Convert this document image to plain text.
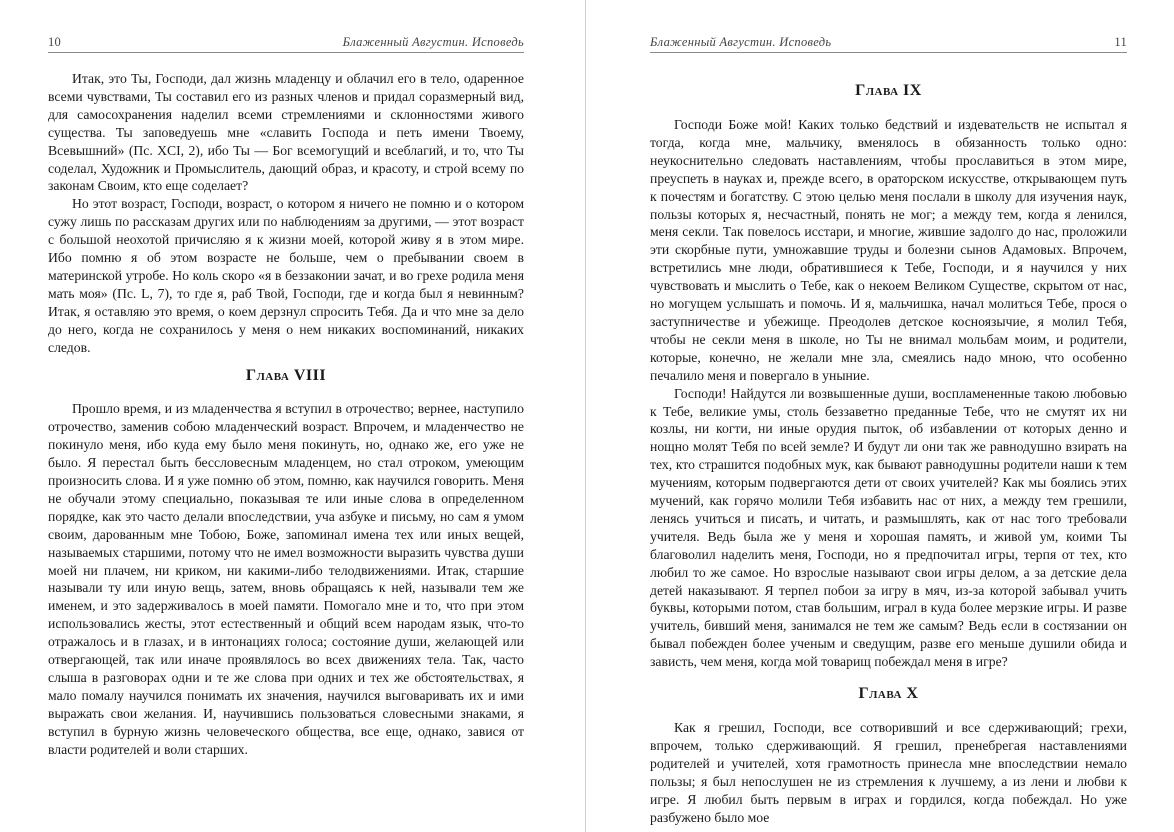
10	Блаженный Августин. Исповедь

Итак, это Ты, Господи, дал жизнь младенцу и облачил его в тело, одаренное всеми чувствами, Ты составил его из разных членов и придал соразмерный вид, для самосохранения наделил всеми стремлениями и склонностями живого существа. Ты заповедуешь мне «славить Господа и петь имени Твоему, Всевышний» (Пс. XCI, 2), ибо Ты — Бог всемогущий и всеблагий, и то, что Ты соделал, Художник и Промыслитель, дающий образ, и красоту, и строй всему по законам Своим, кто еще соделает?

Но этот возраст, Господи, возраст, о котором я ничего не помню и о котором сужу лишь по рассказам других или по наблюдениям за другими, — этот возраст с большой неохотой причисляю я к жизни моей, которой живу я в этом мире. Ибо помню я об этом возрасте не больше, чем о пребывании своем в материнской утробе. Но коль скоро «я в беззаконии зачат, и во грехе родила меня мать моя» (Пс. L, 7), то где я, раб Твой, Господи, где и когда был я невинным? Итак, я оставляю это время, о коем дерзнул спросить Тебя. Да и что мне за дело до него, когда не сохранилось у меня о нем никаких воспоминаний, никаких следов.

Глава VIII

Прошло время, и из младенчества я вступил в отрочество; вернее, наступило отрочество, заменив собою младенческий возраст. Впрочем, и младенчество не покинуло меня, ибо куда ему было меня покинуть, но, однако же, его уже не было. Я перестал быть бессловесным младенцем, но стал отроком, умеющим произносить слова. И я уже помню об этом, помню, как научился говорить. Меня не обучали этому специально, показывая те или иные слова в определенном порядке, как это часто делали впоследствии, уча азбуке и письму, но сам я умом своим, дарованным мне Тобою, Боже, запоминал имена тех или иных вещей, называемых старшими, потому что не имел возможности выразить чувства души моей ни плачем, ни криком, ни какими-либо телодвижениями. Итак, старшие называли ту или иную вещь, затем, вновь обращаясь к ней, называли тем же именем, и это задерживалось в моей памяти. Помогало мне и то, что при этом использовались жесты, этот естественный и общий всем народам язык, что-то отражалось и в глазах, и в интонациях голоса; состояние души, желающей или отвергающей, так или иначе проявлялось во всех движениях тела. Так, часто слыша в разговорах одни и те же слова при одних и тех же обстоятельствах, я мало помалу научился понимать их значения, научился выговаривать их и ими выражать свои желания. И, научившись пользоваться словесными знаками, я вступил в бурную жизнь человеческого общества, все еще, однако, завися от власти родителей и воли старших.

Блаженный Августин. Исповедь	11
Глава IX

Господи Боже мой! Каких только бедствий и издевательств не испытал я тогда, когда мне, мальчику, вменялось в обязанность только одно: неукоснительно следовать наставлениям, чтобы прославиться в этом мире, преуспеть в науках и, прежде всего, в ораторском искусстве, открывающем путь к почестям и богатству. С этою целью меня послали в школу для изучения наук, пользы которых я, несчастный, понять не мог; а между тем, когда я ленился, меня секли. Так повелось исстари, и многие, жившие задолго до нас, проложили эти скорбные пути, умножавшие труды и болезни сынов Адамовых. Впрочем, встретились мне люди, обратившиеся к Тебе, Господи, и я научился у них чувствовать и мыслить о Тебе, как о некоем Великом Существе, скрытом от нас, но могущем услышать и помочь. И я, мальчишка, начал молиться Тебе, прося о заступничестве и убежище. Преодолев детское косноязычие, я молил Тебя, чтобы не секли меня в школе, но Ты не внимал мольбам моим, и родители, которые, конечно, не желали мне зла, смеялись надо мною, что особенно печалило меня и повергало в уныние.

Господи! Найдутся ли возвышенные души, воспламененные такою любовью к Тебе, великие умы, столь беззаветно преданные Тебе, что не смутят их ни козлы, ни когти, ни иные орудия пыток, об избавлении от которых денно и нощно молят Тебя по всей земле? И будут ли они так же равнодушно взирать на тех, кто страшится подобных мук, как бывают равнодушны родители наши к тем мучениям, которым подвергаются дети от своих учителей? Как мы боялись этих мучений, как горячо молили Тебя избавить нас от них, а между тем грешили, ленясь учиться и писать, и читать, и размышлять, как от нас того требовали учителя. Ведь была же у меня и хорошая память, и живой ум, коими Ты благоволил наделить меня, Господи, но я предпочитал игры, терпя от тех, кто любил то же самое. Но взрослые называют свои игры делом, а за детские дела детей наказывают. Я терпел побои за игру в мяч, из-за которой забывал учить буквы, которыми потом, став большим, играл в куда более мерзкие игры. И разве учитель, бивший меня, занимался не тем же самым? Ведь если в состязании он бывал побежден более ученым и сведущим, разве его меньше душили обида и зависть, чем меня, когда мой товарищ побеждал меня в игре?

Глава X

Как я грешил, Господи, все сотворивший и все сдерживающий; грехи, впрочем, только сдерживающий. Я грешил, пренебрегая наставлениями родителей и учителей, хотя грамотность принесла мне впоследствии немало пользы; я был непослушен не из стремления к лучшему, а из лени и любви к игре. Я любил быть первым в играх и гордился, когда побеждал. Но уже разбужено было мое
